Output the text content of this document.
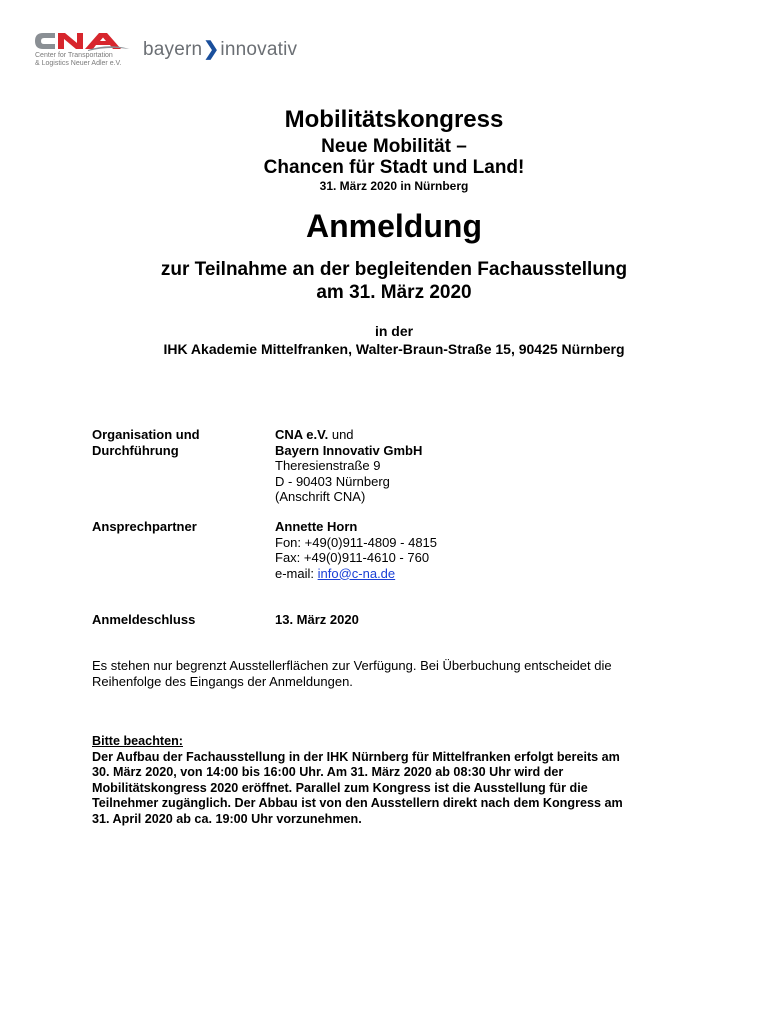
Center for Transportation
& Logistics Neuer Adler e.V.
bayern❯innovativ
Mobilitätskongress
Neue Mobilität –
Chancen für Stadt und Land!
31. März 2020 in Nürnberg
Anmeldung
zur Teilnahme an der begleitenden Fachausstellung
am 31. März 2020
in der
IHK Akademie Mittelfranken, Walter-Braun-Straße 15, 90425 Nürnberg
Organisation und
Durchführung
CNA e.V. und
Bayern Innovativ GmbH
Theresienstraße 9
D - 90403 Nürnberg
(Anschrift CNA)
Ansprechpartner	Annette Horn
Fon: +49(0)911-4809 - 4815
Fax: +49(0)911-4610 - 760
e-mail: info@c-na.de
Anmeldeschluss	13. März 2020
Es stehen nur begrenzt Ausstellerflächen zur Verfügung. Bei Überbuchung entscheidet die
Reihenfolge des Eingangs der Anmeldungen.
Bitte beachten:
Der Aufbau der Fachausstellung in der IHK Nürnberg für Mittelfranken erfolgt bereits am
30. März 2020, von 14:00 bis 16:00 Uhr. Am 31. März 2020 ab 08:30 Uhr wird der
Mobilitätskongress 2020 eröffnet. Parallel zum Kongress ist die Ausstellung für die
Teilnehmer zugänglich. Der Abbau ist von den Ausstellern direkt nach dem Kongress am
31. April 2020 ab ca. 19:00 Uhr vorzunehmen.
